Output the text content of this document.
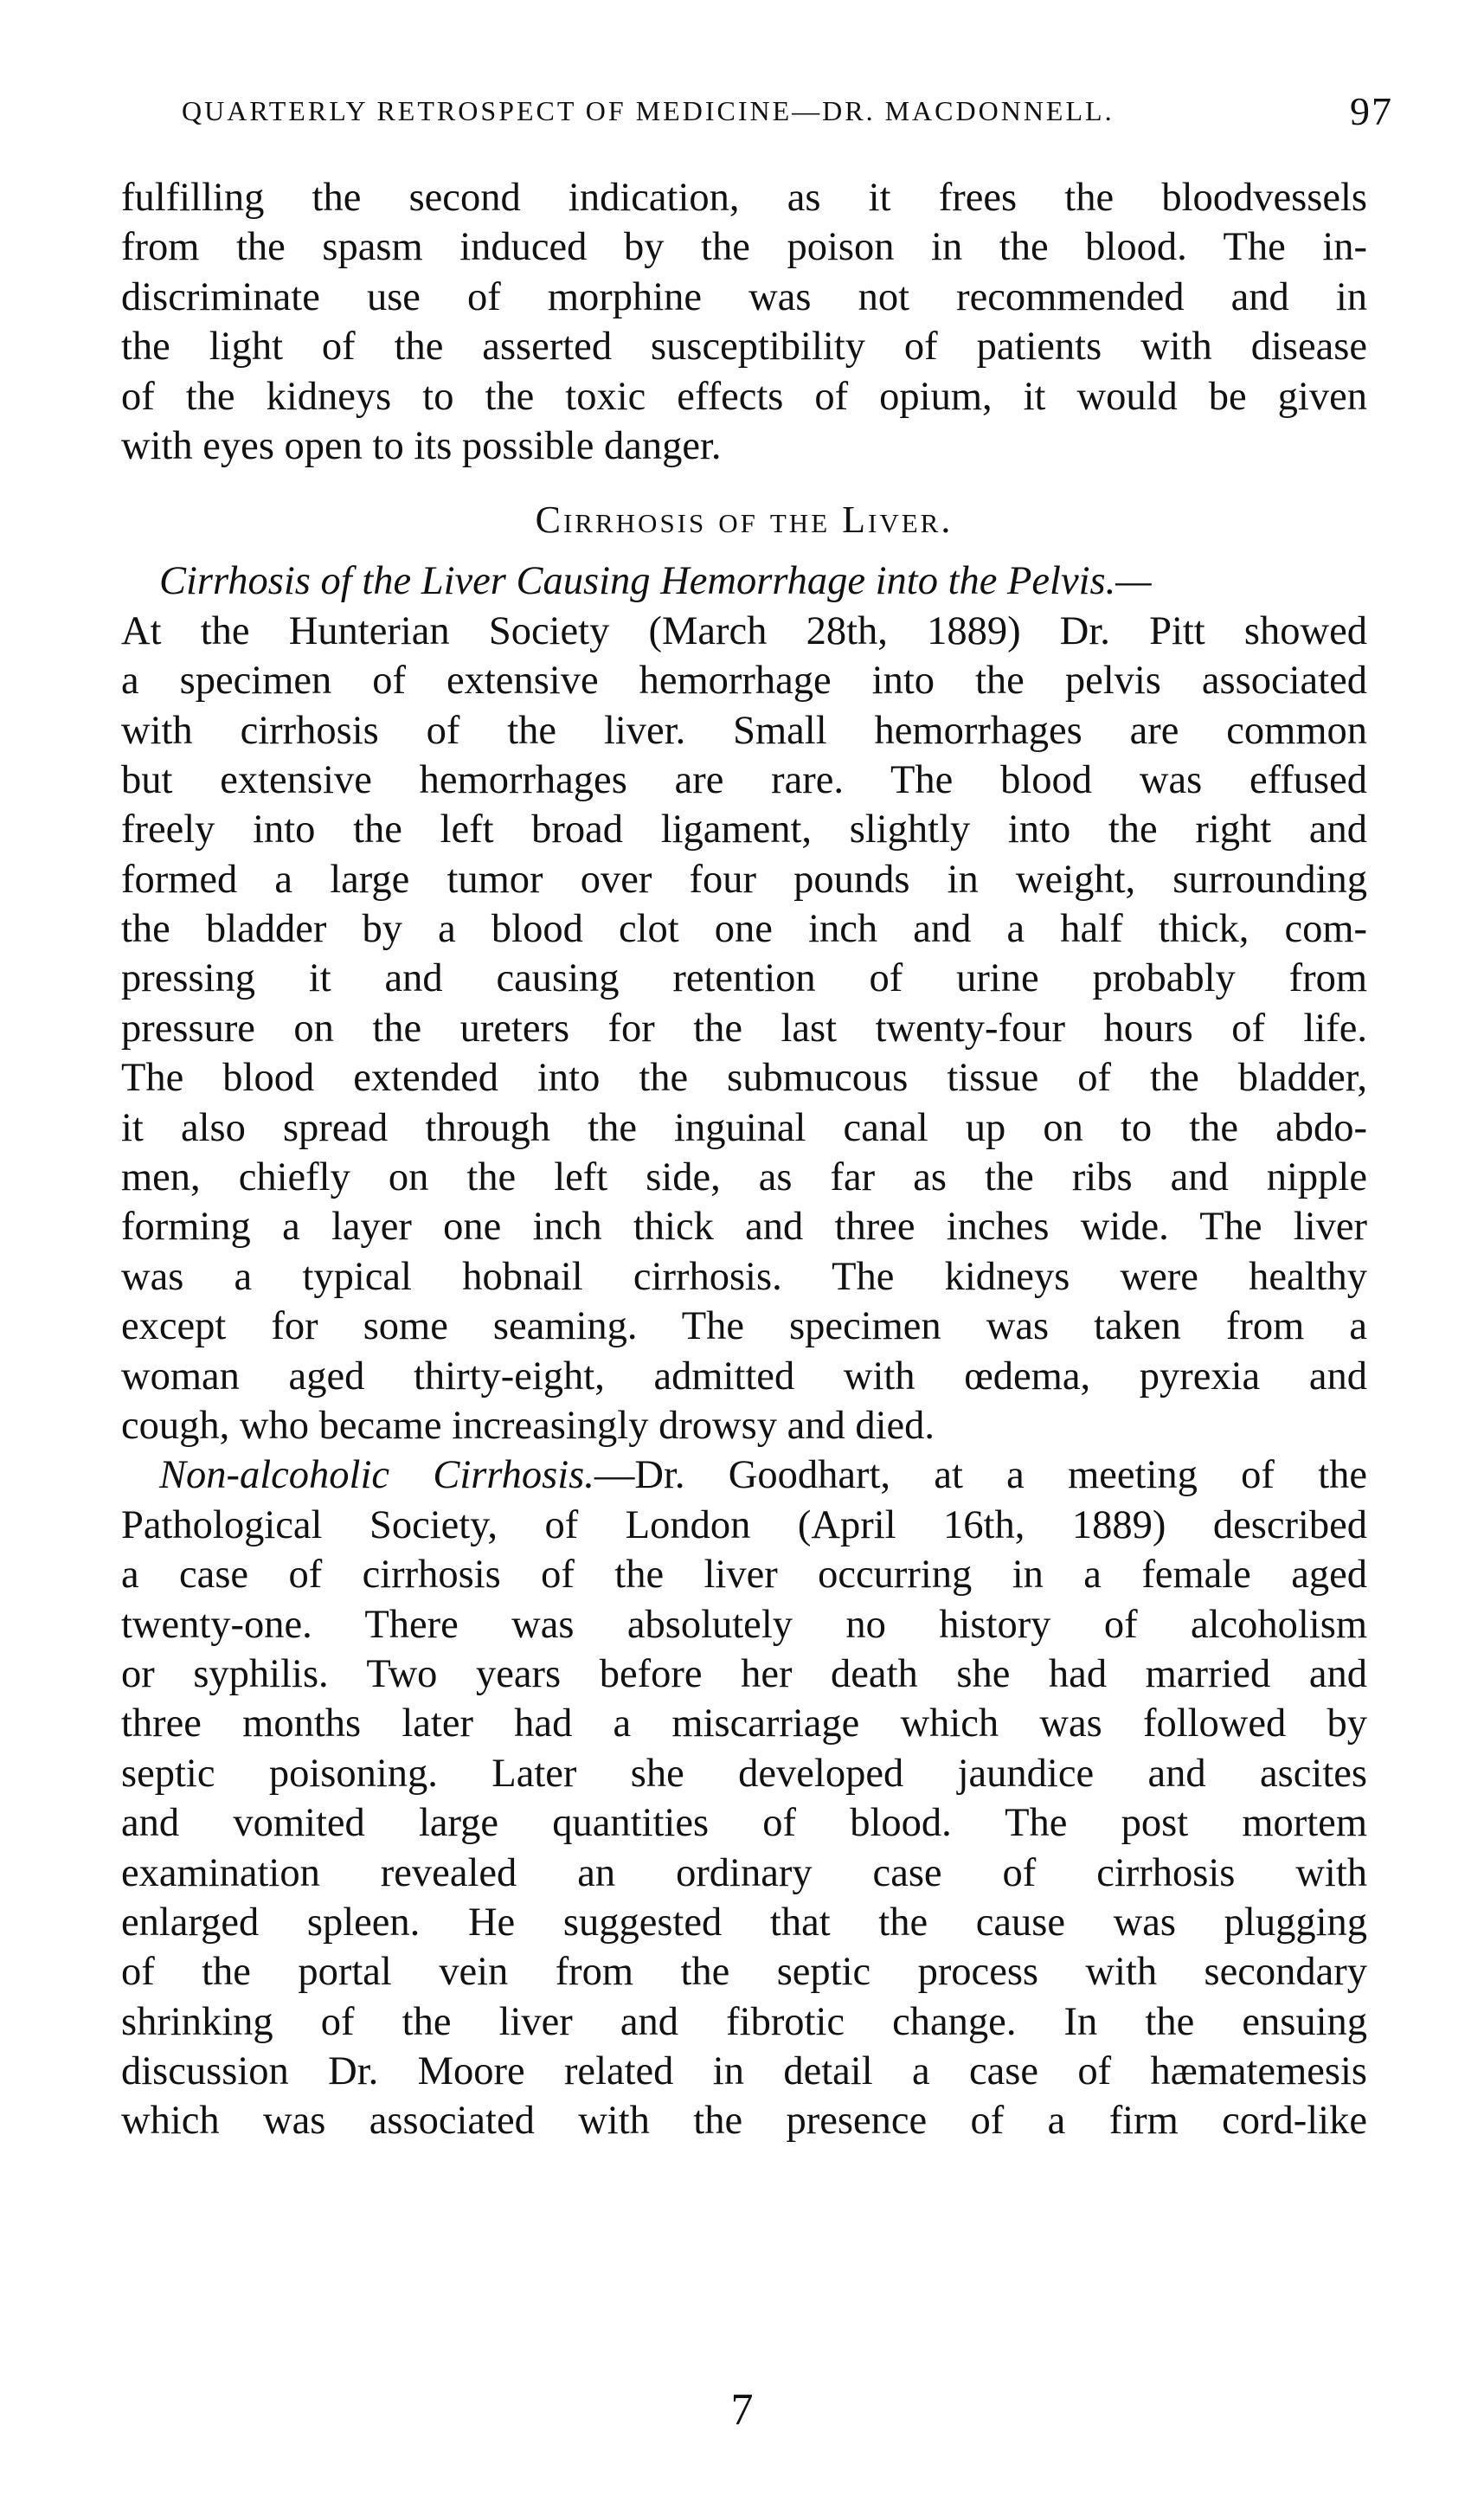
QUARTERLY RETROSPECT OF MEDICINE—DR. MACDONNELL.	97
fulfilling the second indication, as it frees the bloodvessels
from the spasm induced by the poison in the blood. The in-
discriminate use of morphine was not recommended and in
the light of the asserted susceptibility of patients with disease
of the kidneys to the toxic effects of opium, it would be given
with eyes open to its possible danger.
Cirrhosis of the Liver.
Cirrhosis of the Liver Causing Hemorrhage into the Pelvis.—
At the Hunterian Society (March 28th, 1889) Dr. Pitt showed
a specimen of extensive hemorrhage into the pelvis associated
with cirrhosis of the liver. Small hemorrhages are common
but extensive hemorrhages are rare. The blood was effused
freely into the left broad ligament, slightly into the right and
formed a large tumor over four pounds in weight, surrounding
the bladder by a blood clot one inch and a half thick, com-
pressing it and causing retention of urine probably from
pressure on the ureters for the last twenty-four hours of life.
The blood extended into the submucous tissue of the bladder,
it also spread through the inguinal canal up on to the abdo-
men, chiefly on the left side, as far as the ribs and nipple
forming a layer one inch thick and three inches wide. The liver
was a typical hobnail cirrhosis. The kidneys were healthy
except for some seaming. The specimen was taken from a
woman aged thirty-eight, admitted with œdema, pyrexia and
cough, who became increasingly drowsy and died.
Non-alcoholic Cirrhosis.—Dr. Goodhart, at a meeting of the
Pathological Society, of London (April 16th, 1889) described
a case of cirrhosis of the liver occurring in a female aged
twenty-one. There was absolutely no history of alcoholism
or syphilis. Two years before her death she had married and
three months later had a miscarriage which was followed by
septic poisoning. Later she developed jaundice and ascites
and vomited large quantities of blood. The post mortem
examination revealed an ordinary case of cirrhosis with
enlarged spleen. He suggested that the cause was plugging
of the portal vein from the septic process with secondary
shrinking of the liver and fibrotic change. In the ensuing
discussion Dr. Moore related in detail a case of hæmatemesis
which was associated with the presence of a firm cord-like
7
